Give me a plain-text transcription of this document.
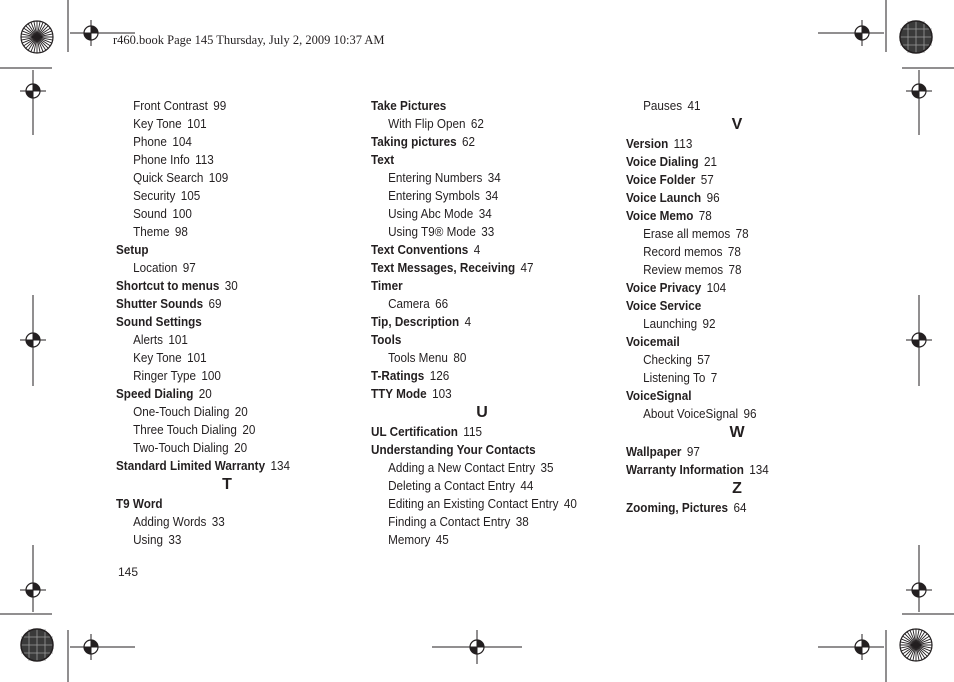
r460.book Page 145 Thursday, July 2, 2009 10:37 AM
Front Contrast 99
Key Tone 101
Phone 104
Phone Info 113
Quick Search 109
Security 105
Sound 100
Theme 98
Setup
Location 97
Shortcut to menus 30
Shutter Sounds 69
Sound Settings
Alerts 101
Key Tone 101
Ringer Type 100
Speed Dialing 20
One-Touch Dialing 20
Three Touch Dialing 20
Two-Touch Dialing 20
Standard Limited Warranty 134
T
T9 Word
Adding Words 33
Using 33
Take Pictures
With Flip Open 62
Taking pictures 62
Text
Entering Numbers 34
Entering Symbols 34
Using Abc Mode 34
Using T9® Mode 33
Text Conventions 4
Text Messages, Receiving 47
Timer
Camera 66
Tip, Description 4
Tools
Tools Menu 80
T-Ratings 126
TTY Mode 103
U
UL Certification 115
Understanding Your Contacts
Adding a New Contact Entry 35
Deleting a Contact Entry 44
Editing an Existing Contact Entry 40
Finding a Contact Entry 38
Memory 45
Pauses 41
V
Version 113
Voice Dialing 21
Voice Folder 57
Voice Launch 96
Voice Memo 78
Erase all memos 78
Record memos 78
Review memos 78
Voice Privacy 104
Voice Service
Launching 92
Voicemail
Checking 57
Listening To 7
VoiceSignal
About VoiceSignal 96
W
Wallpaper 97
Warranty Information 134
Z
Zooming, Pictures 64
145
